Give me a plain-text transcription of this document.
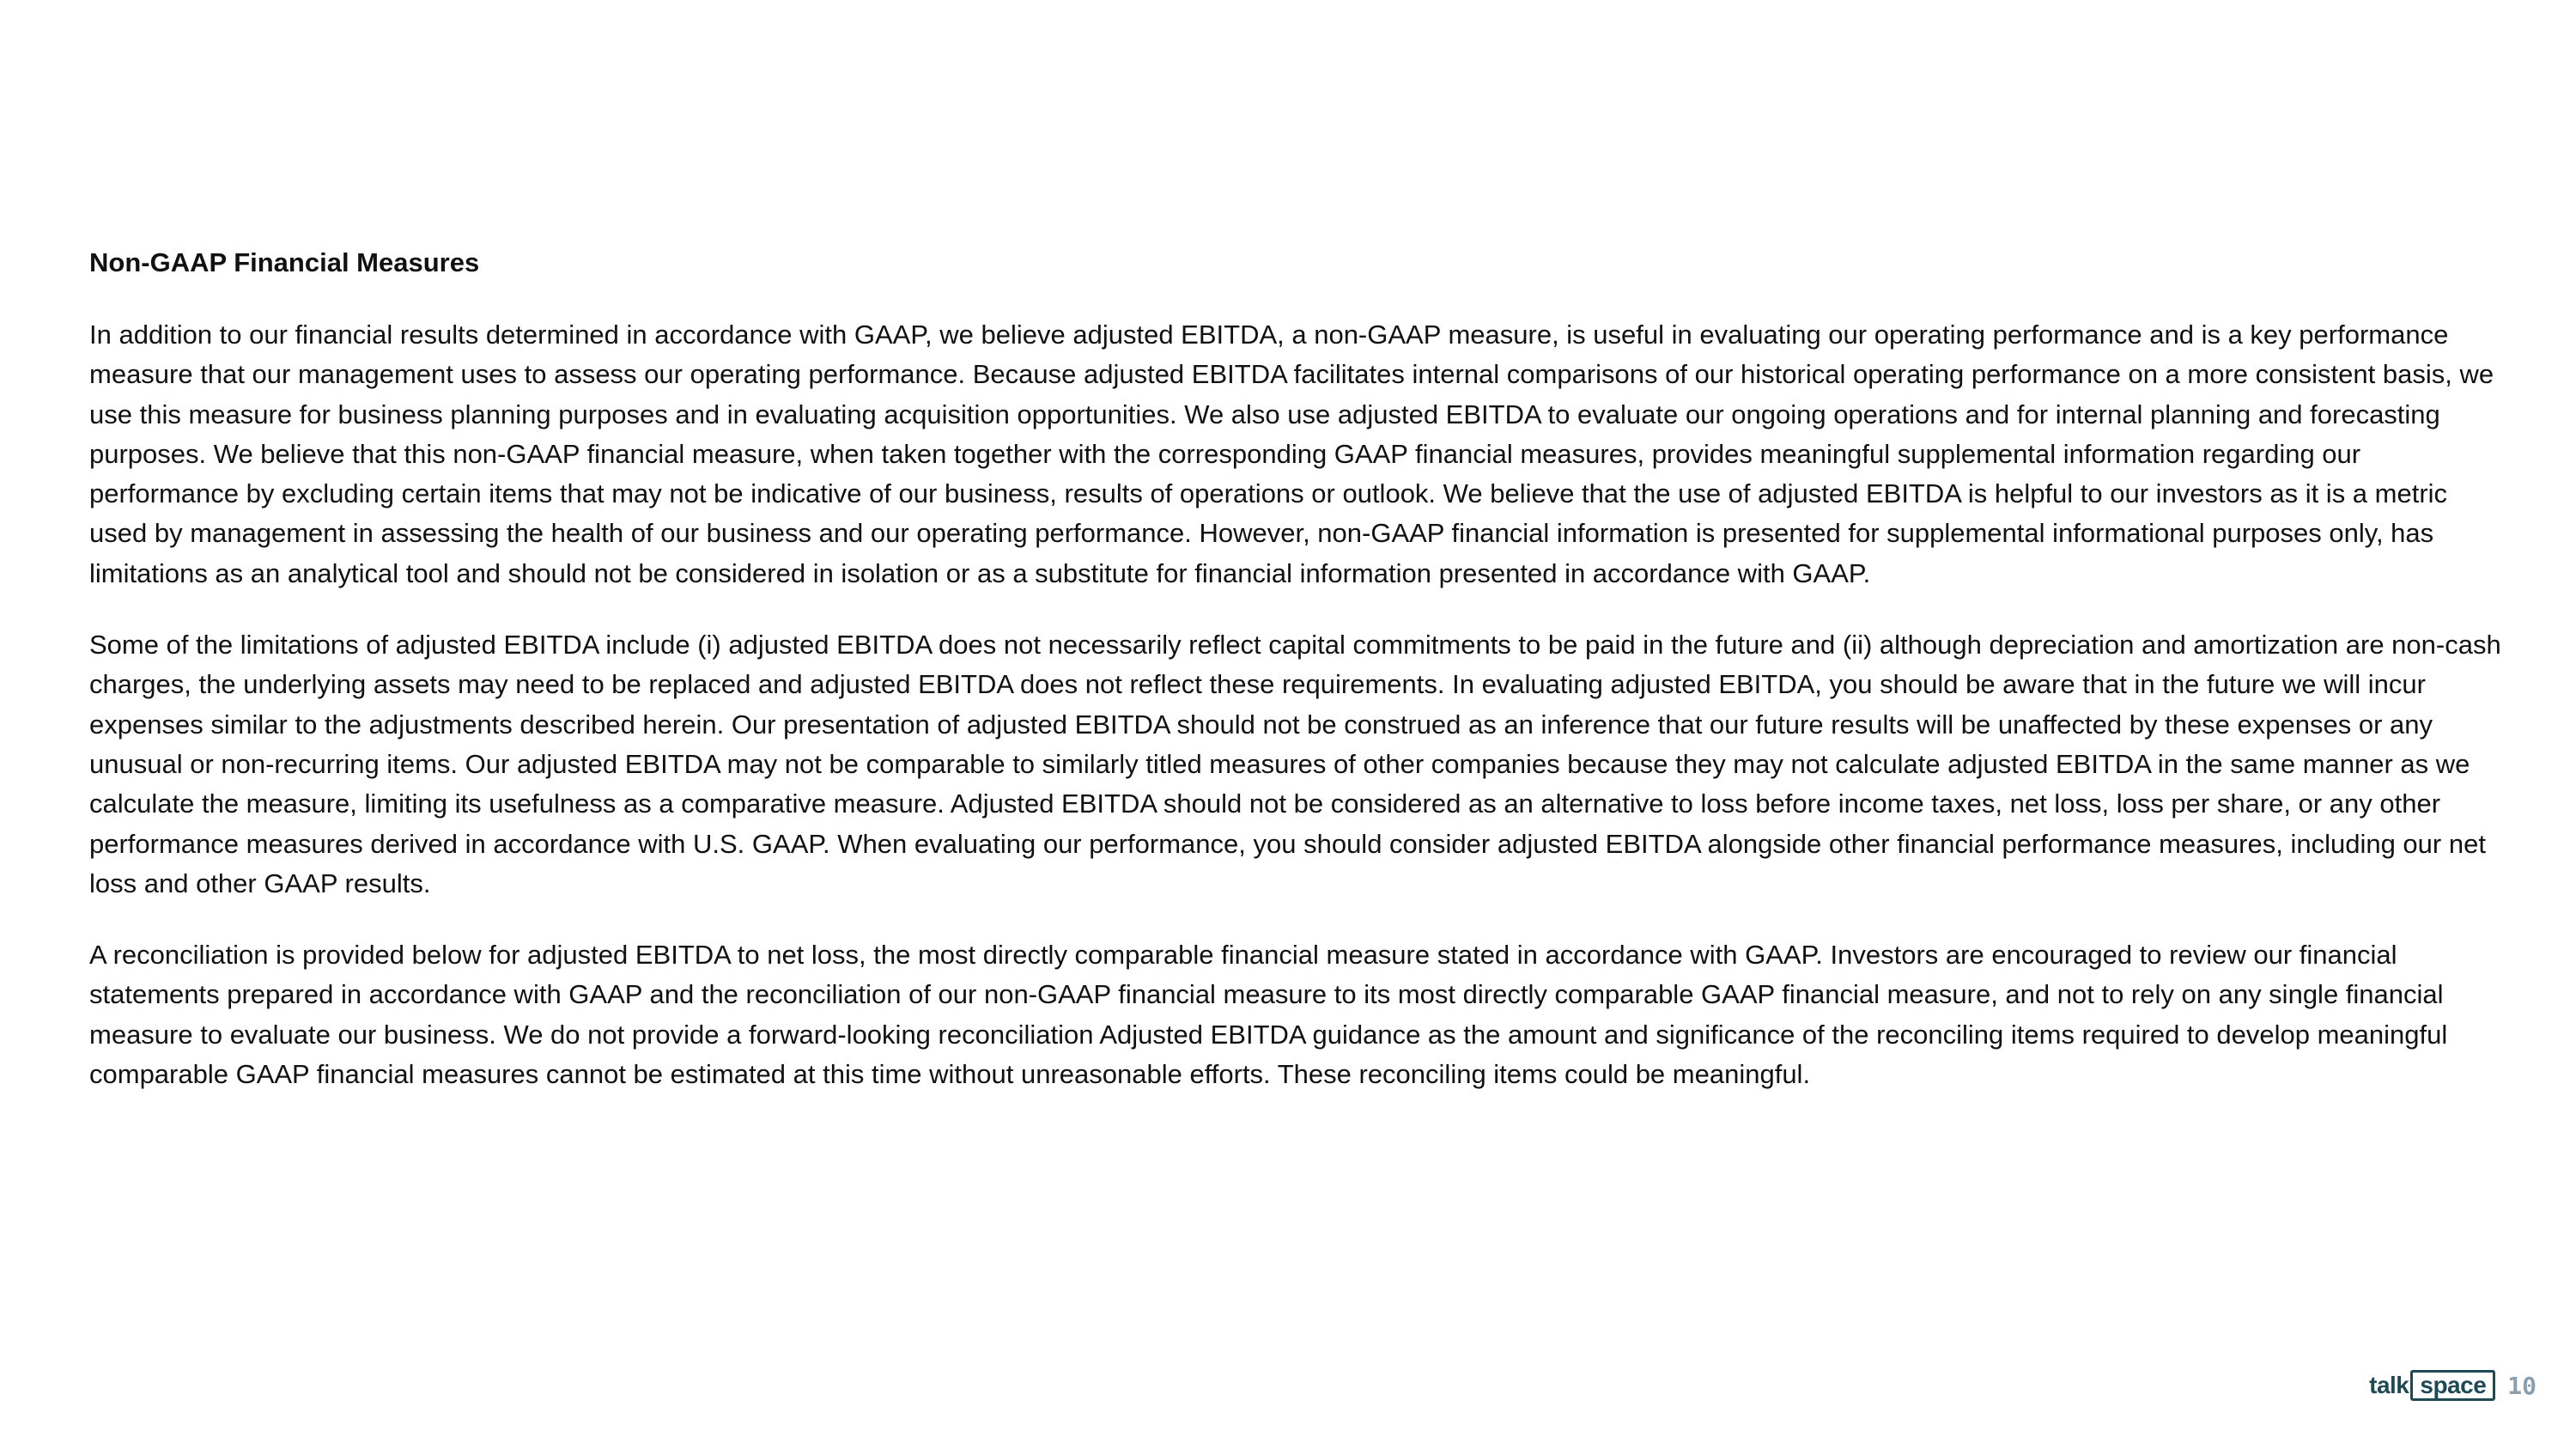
Non-GAAP Financial Measures

In addition to our financial results determined in accordance with GAAP, we believe adjusted EBITDA, a non-GAAP measure, is useful in evaluating our operating performance and is a key performance measure that our management uses to assess our operating performance. Because adjusted EBITDA facilitates internal comparisons of our historical operating performance on a more consistent basis, we use this measure for business planning purposes and in evaluating acquisition opportunities. We also use adjusted EBITDA to evaluate our ongoing operations and for internal planning and forecasting purposes. We believe that this non-GAAP financial measure, when taken together with the corresponding GAAP financial measures, provides meaningful supplemental information regarding our performance by excluding certain items that may not be indicative of our business, results of operations or outlook. We believe that the use of adjusted EBITDA is helpful to our investors as it is a metric used by management in assessing the health of our business and our operating performance. However, non-GAAP financial information is presented for supplemental informational purposes only, has limitations as an analytical tool and should not be considered in isolation or as a substitute for financial information presented in accordance with GAAP.

Some of the limitations of adjusted EBITDA include (i) adjusted EBITDA does not necessarily reflect capital commitments to be paid in the future and (ii) although depreciation and amortization are non-cash charges, the underlying assets may need to be replaced and adjusted EBITDA does not reflect these requirements. In evaluating adjusted EBITDA, you should be aware that in the future we will incur expenses similar to the adjustments described herein. Our presentation of adjusted EBITDA should not be construed as an inference that our future results will be unaffected by these expenses or any unusual or non-recurring items. Our adjusted EBITDA may not be comparable to similarly titled measures of other companies because they may not calculate adjusted EBITDA in the same manner as we calculate the measure, limiting its usefulness as a comparative measure. Adjusted EBITDA should not be considered as an alternative to loss before income taxes, net loss, loss per share, or any other performance measures derived in accordance with U.S. GAAP. When evaluating our performance, you should consider adjusted EBITDA alongside other financial performance measures, including our net loss and other GAAP results.

A reconciliation is provided below for adjusted EBITDA to net loss, the most directly comparable financial measure stated in accordance with GAAP. Investors are encouraged to review our financial statements prepared in accordance with GAAP and the reconciliation of our non-GAAP financial measure to its most directly comparable GAAP financial measure, and not to rely on any single financial measure to evaluate our business. We do not provide a forward-looking reconciliation Adjusted EBITDA guidance as the amount and significance of the reconciling items required to develop meaningful comparable GAAP financial measures cannot be estimated at this time without unreasonable efforts. These reconciling items could be meaningful.

talk space 10
